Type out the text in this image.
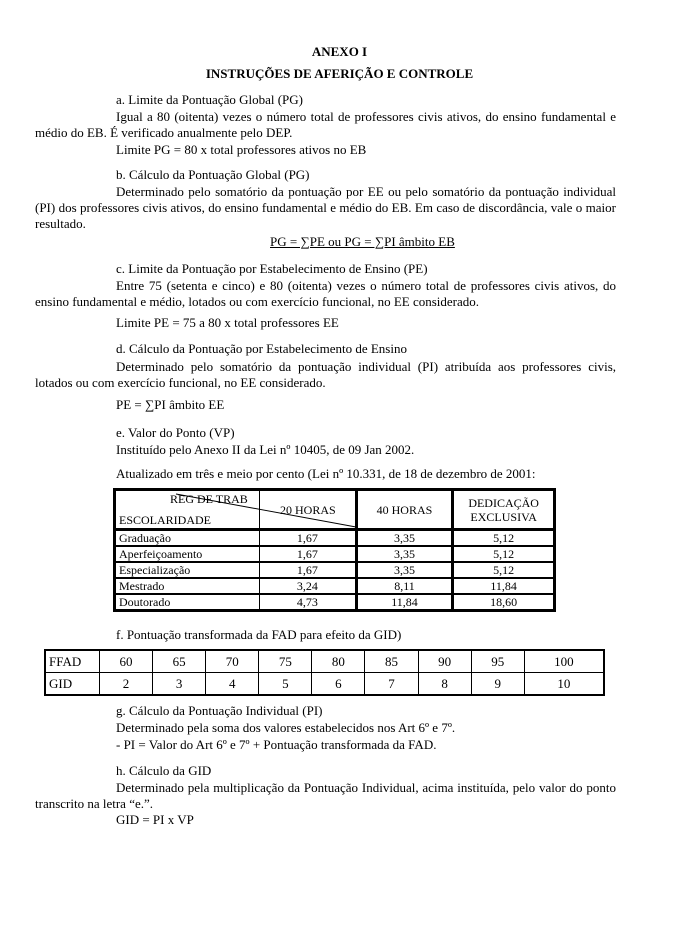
ANEXO I

INSTRUÇÕES DE AFERIÇÃO E CONTROLE

a. Limite da Pontuação Global (PG)

Igual a 80 (oitenta) vezes o número total de professores civis ativos, do ensino fundamental e médio do EB. É verificado anualmente pelo DEP.

Limite PG = 80 x total professores ativos no EB

b. Cálculo da Pontuação Global (PG)

Determinado pelo somatório da pontuação por EE ou pelo somatório da pontuação individual (PI) dos professores civis ativos, do ensino fundamental e médio do EB. Em caso de discordância, vale o maior resultado.

PG = ∑PE ou PG = ∑PI âmbito EB

c. Limite da Pontuação por Estabelecimento de Ensino (PE)

Entre 75 (setenta e cinco) e 80 (oitenta) vezes o número total de professores civis ativos, do ensino fundamental e médio, lotados ou com exercício funcional, no EE considerado.

Limite PE = 75 a 80 x total professores EE

d. Cálculo da Pontuação por Estabelecimento de Ensino

Determinado pelo somatório da pontuação individual (PI) atribuída aos professores civis, lotados ou com exercício funcional, no EE considerado.

PE = ∑PI âmbito EE

e. Valor do Ponto (VP)

Instituído pelo Anexo II da Lei nº 10405, de 09 Jan 2002.

Atualizado em três e meio por cento (Lei nº 10.331, de 18 de dezembro de 2001:

REG DE TRAB
ESCOLARIDADE	20 HORAS	40 HORAS	DEDICAÇÃO EXCLUSIVA
Graduação	1,67	3,35	5,12
Aperfeiçoamento	1,67	3,35	5,12
Especialização	1,67	3,35	5,12
Mestrado	3,24	8,11	11,84
Doutorado	4,73	11,84	18,60

f. Pontuação transformada da FAD para efeito da GID)

FFAD	60	65	70	75	80	85	90	95	100
GID	2	3	4	5	6	7	8	9	10

g. Cálculo da Pontuação Individual (PI)

Determinado pela soma dos valores estabelecidos nos Art 6º e 7º.

- PI = Valor do Art 6º e 7º + Pontuação transformada da FAD.

h. Cálculo da GID

Determinado pela multiplicação da Pontuação Individual, acima instituída, pelo valor do ponto transcrito na letra “e.”.

GID = PI x VP
